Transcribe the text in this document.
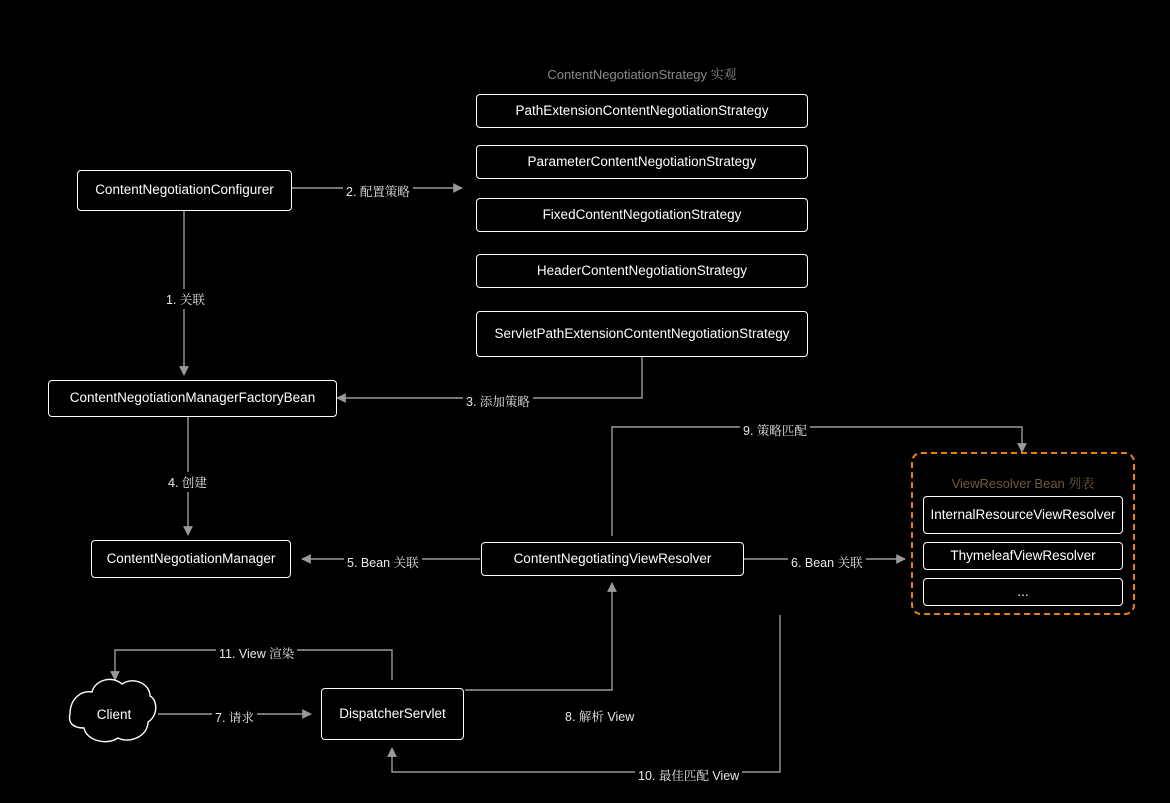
ContentNegotiationStrategy 实观
PathExtensionContentNegotiationStrategy
ParameterContentNegotiationStrategy
FixedContentNegotiationStrategy
HeaderContentNegotiationStrategy
ServletPathExtensionContentNegotiationStrategy
ContentNegotiationConfigurer
ContentNegotiationManagerFactoryBean
ContentNegotiationManager	ContentNegotiatingViewResolver
DispatcherServlet
Client
ViewResolver Bean 列表
InternalResourceViewResolver
ThymeleafViewResolver
...
2. 配置策略
1. 关联
3. 添加策略
4. 创建
5. Bean 关联	6. Bean 关联
7. 请求	8. 解析 View
9. 策略匹配
10. 最佳匹配 View
11. View 渲染
